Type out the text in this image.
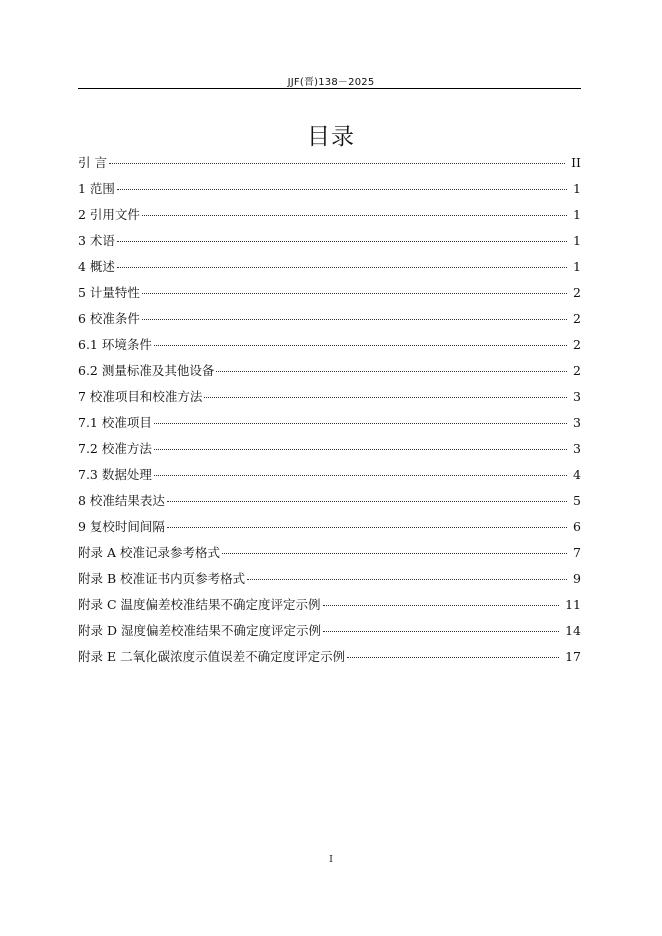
JJF(晋)138－2025
目录
引 言	II
1 范围	1
2 引用文件	1
3 术语	1
4 概述	1
5 计量特性	2
6 校准条件	2
6.1 环境条件	2
6.2 测量标准及其他设备	2
7 校准项目和校准方法	3
7.1 校准项目	3
7.2 校准方法	3
7.3 数据处理	4
8 校准结果表达	5
9 复校时间间隔	6
附录 A 校准记录参考格式	7
附录 B 校准证书内页参考格式	9
附录 C 温度偏差校准结果不确定度评定示例	11
附录 D 湿度偏差校准结果不确定度评定示例	14
附录 E 二氧化碳浓度示值误差不确定度评定示例	17
I
